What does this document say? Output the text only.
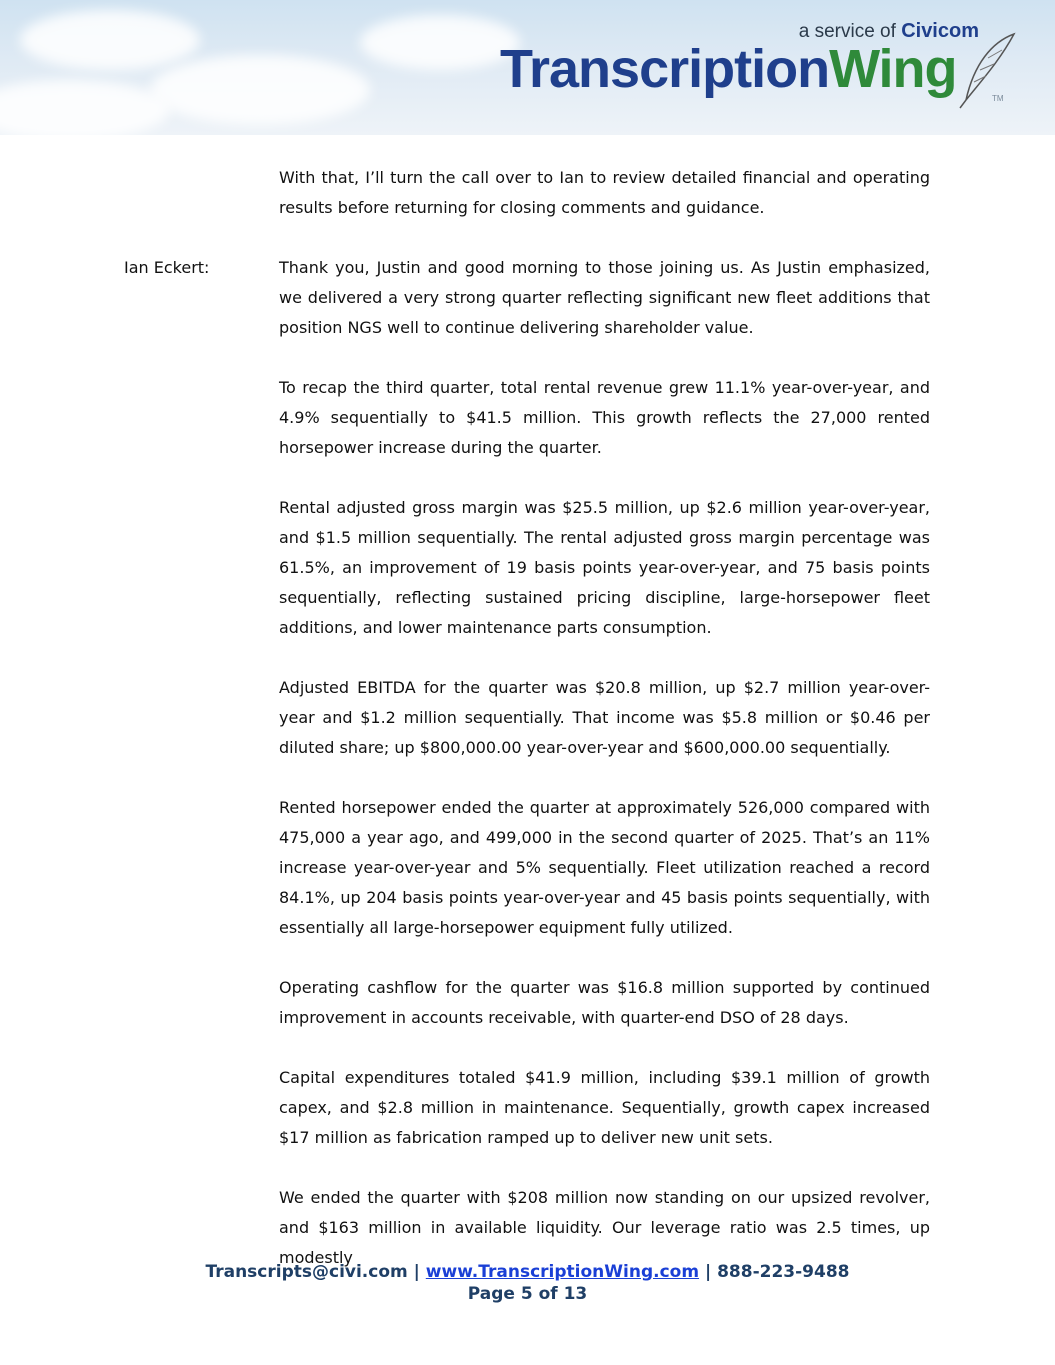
a service of Civicom
TranscriptionWing	TM
With that, I’ll turn the call over to Ian to review detailed financial and operating results before returning for closing comments and guidance.
Ian Eckert:	Thank you, Justin and good morning to those joining us. As Justin emphasized, we delivered a very strong quarter reflecting significant new fleet additions that position NGS well to continue delivering shareholder value.
To recap the third quarter, total rental revenue grew 11.1% year-over-year, and 4.9% sequentially to $41.5 million. This growth reflects the 27,000 rented horsepower increase during the quarter.
Rental adjusted gross margin was $25.5 million, up $2.6 million year-over-year, and $1.5 million sequentially. The rental adjusted gross margin percentage was 61.5%, an improvement of 19 basis points year-over-year, and 75 basis points sequentially, reflecting sustained pricing discipline, large-horsepower fleet additions, and lower maintenance parts consumption.
Adjusted EBITDA for the quarter was $20.8 million, up $2.7 million year-over-year and $1.2 million sequentially. That income was $5.8 million or $0.46 per diluted share; up $800,000.00 year-over-year and $600,000.00 sequentially.
Rented horsepower ended the quarter at approximately 526,000 compared with 475,000 a year ago, and 499,000 in the second quarter of 2025. That’s an 11% increase year-over-year and 5% sequentially. Fleet utilization reached a record 84.1%, up 204 basis points year-over-year and 45 basis points sequentially, with essentially all large-horsepower equipment fully utilized.
Operating cashflow for the quarter was $16.8 million supported by continued improvement in accounts receivable, with quarter-end DSO of 28 days.
Capital expenditures totaled $41.9 million, including $39.1 million of growth capex, and $2.8 million in maintenance. Sequentially, growth capex increased $17 million as fabrication ramped up to deliver new unit sets.
We ended the quarter with $208 million now standing on our upsized revolver, and $163 million in available liquidity. Our leverage ratio was 2.5 times, up modestly
Transcripts@civi.com | www.TranscriptionWing.com | 888-223-9488
Page 5 of 13
